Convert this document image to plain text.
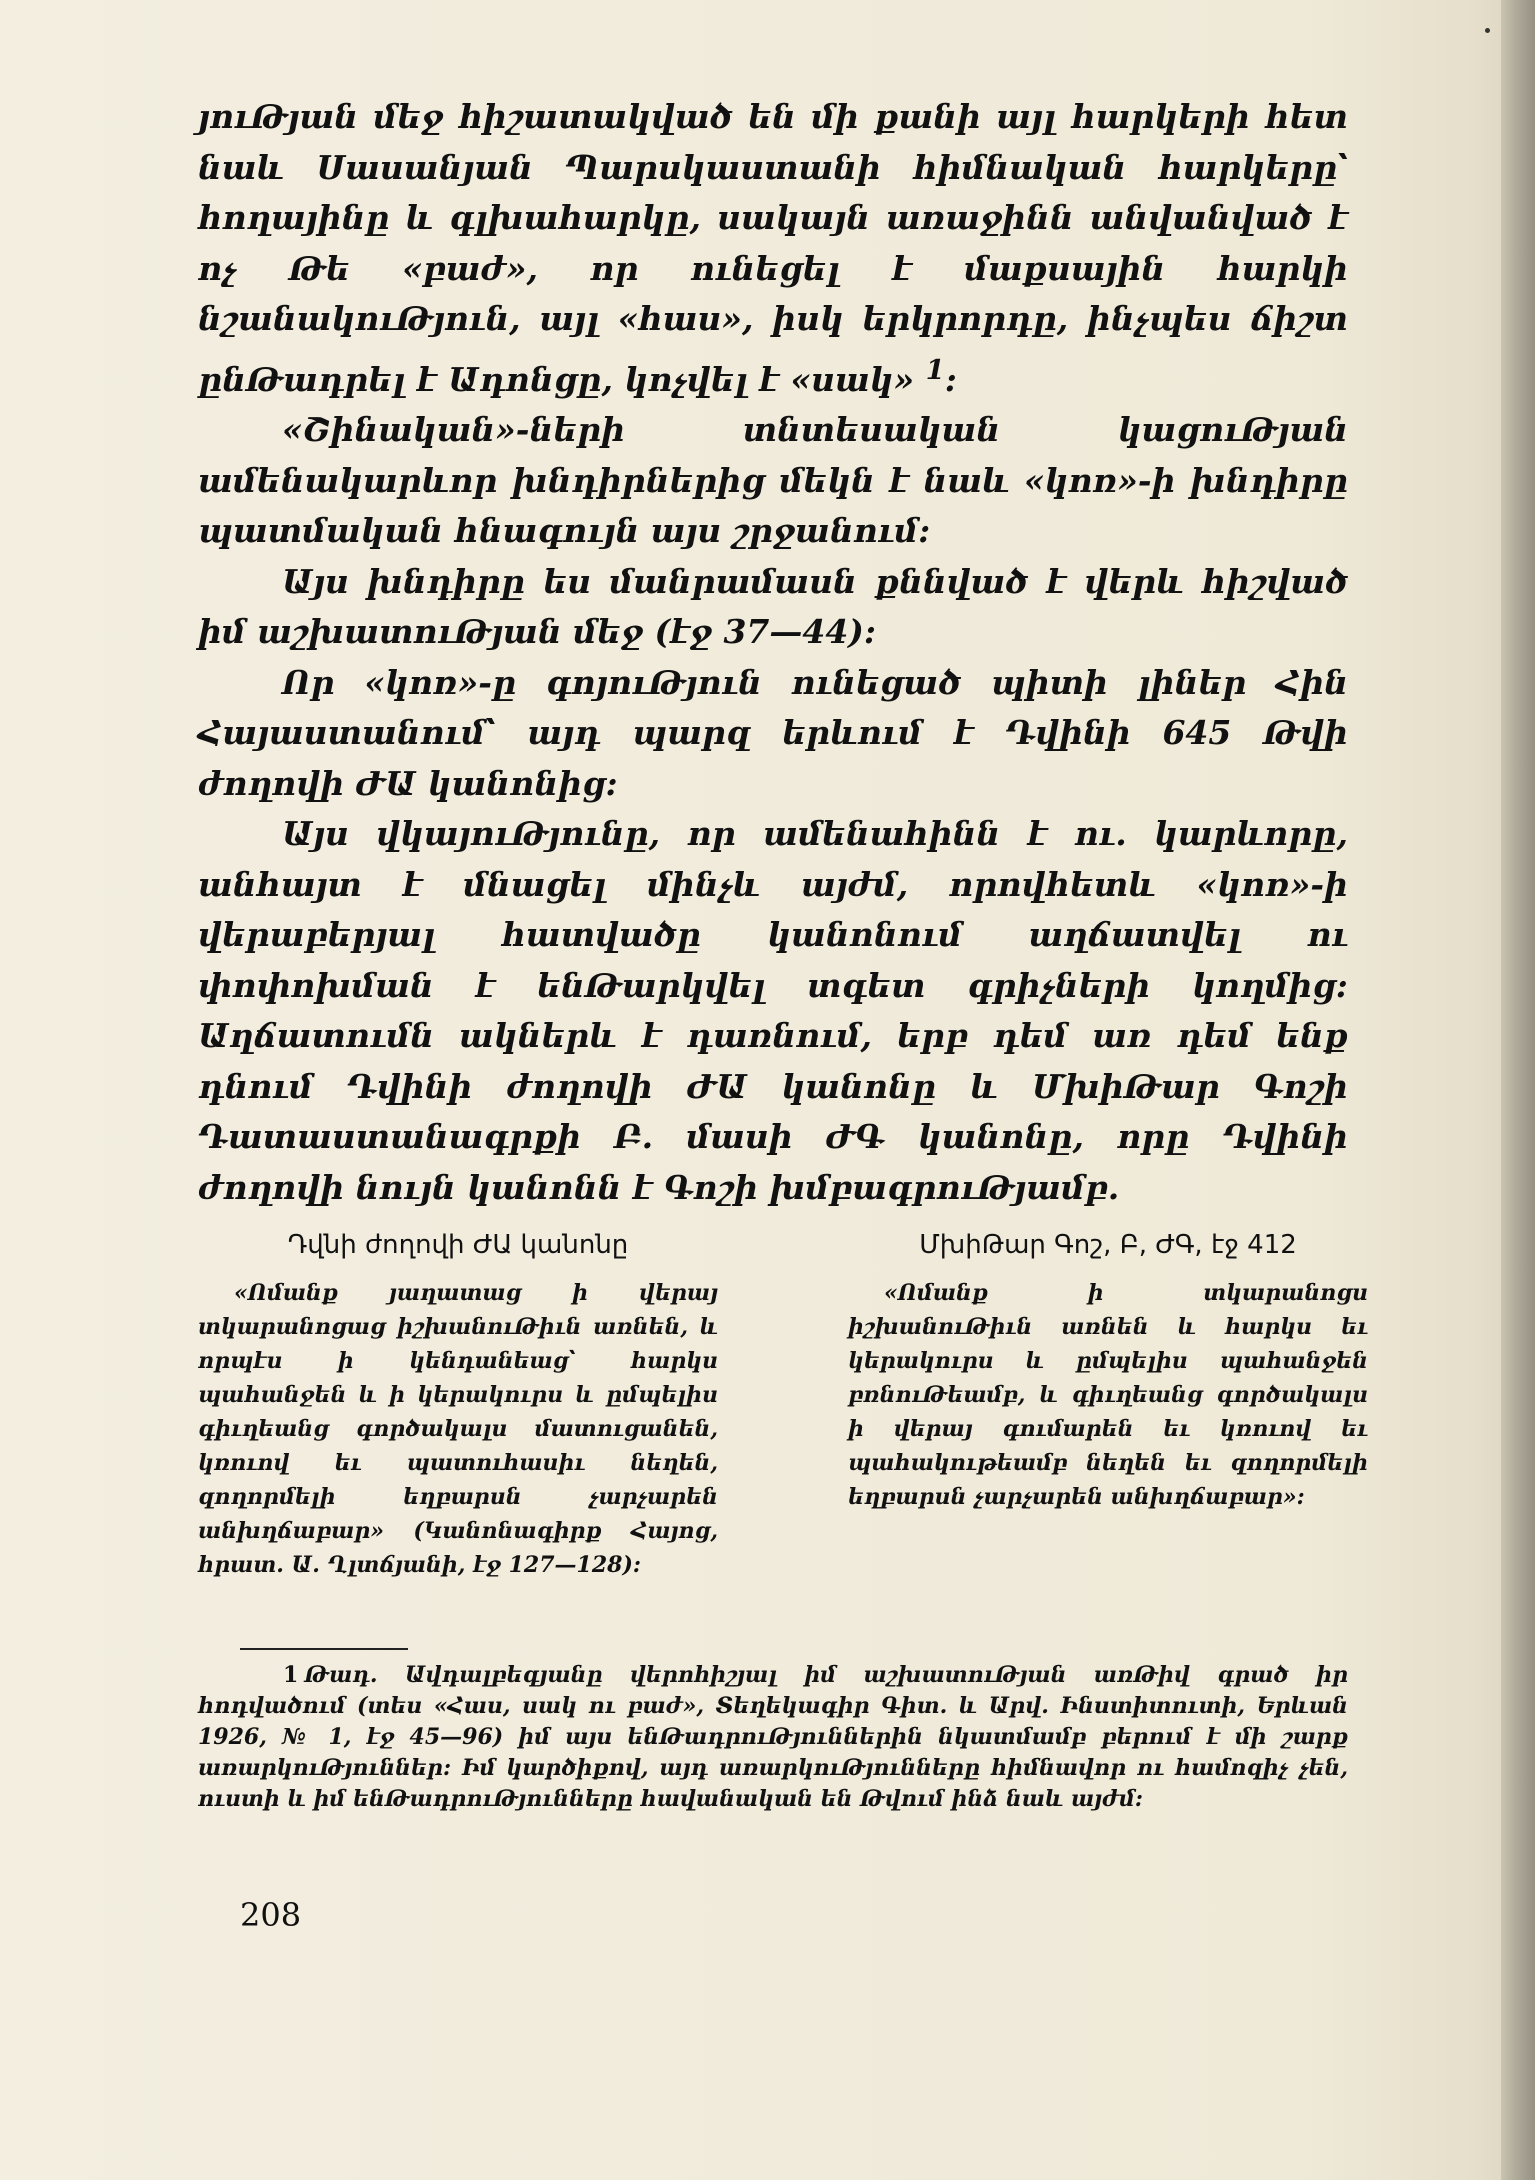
յուԹյան մեջ հիշատակված են մի քանի այլ հարկերի հետ նաև Սասանյան Պարսկաստանի հիմնական հարկերը՝ հողայինը և գլխահարկը, սակայն առաջինն անվանված է ոչ Թե «բաժ», որ ունեցել է մաքսային հարկի նշանակուԹյուն, այլ «հաս», իսկ երկրորդը, ինչպես ճիշտ ընԹադրել է Ադոնցը, կոչվել է «սակ» $^1$:

«Շինական»-ների տնտեսական կացուԹյան ամենակարևոր խնդիրներից մեկն է նաև «կոռ»-ի խնդիրը պատմական հնագույն այս շրջանում:

Այս խնդիրը ես մանրամասն քննված է վերև հիշված իմ աշխատուԹյան մեջ (էջ 37—44):

Որ «կոռ»-ը գոյուԹյուն ունեցած պիտի լիներ Հին Հայաստանում՝ այդ պարզ երևում է Դվինի 645 Թվի ժողովի ԺԱ կանոնից:

Այս վկայուԹյունը, որ ամենահինն է ու. կարևորը, անհայտ է մնացել մինչև այժմ, որովհետև «կոռ»-ի վերաբերյալ հատվածը կանոնում աղճատվել ու փոփոխման է ենԹարկվել տգետ գրիչների կողմից: Աղճատումն ակներև է դառնում, երբ դեմ առ դեմ ենք դնում Դվինի ժողովի ԺԱ կանոնը և ՄխիԹար Գոշի Դատաստանագրքի Բ. մասի ԺԳ կանոնը, որը Դվինի ժողովի նույն կանոնն է Գոշի խմբագրուԹյամբ.

Դվնի ժողովի ԺԱ կանոնը

«Ոմանք յաղատաց ի վերայ տկարանոցաց իշխանուԹիւն առնեն, և որպէս ի կենդանեաց՝ հարկս պահանջեն և ի կերակուրս և ըմպելիս գիւղեանց գործակալս մատուցանեն, կռուով եւ պատուհասիւ նեղեն, զողորմելի եղբարսն չարչարեն անխղճաբար» (Կանոնագիրք Հայոց, հրատ. Ա. Ղլտճյանի, էջ 127—128):

ՄխիԹար Գոշ, Բ, ԺԳ, էջ 412

«Ոմանք ի տկարանոցս իշխանուԹիւն առնեն և հարկս եւ կերակուրս և ըմպելիս պահանջեն բռնուԹեամբ, և գիւղեանց գործակալս ի վերայ գումարեն եւ կռուով եւ պահակութեամբ նեղեն եւ զողորմելի եղբարսն չարչարեն անխղճաբար»:

1 Թադ. Ավդալբեգյանը վերոհիշյալ իմ աշխատուԹյան առԹիվ գրած իր հոդվածում (տես «Հաս, սակ ու բաժ», Տեղեկագիր Գիտ. և Արվ. Ինստիտուտի, Երևան 1926, № 1, էջ 45—96) իմ այս ենԹադրուԹյուններին նկատմամբ բերում է մի շարք առարկուԹյուններ: Իմ կարծիքով, այդ առարկուԹյունները հիմնավոր ու համոզիչ չեն, ուստի և իմ ենԹադրուԹյունները հավանական են Թվում ինձ նաև այժմ:

208
